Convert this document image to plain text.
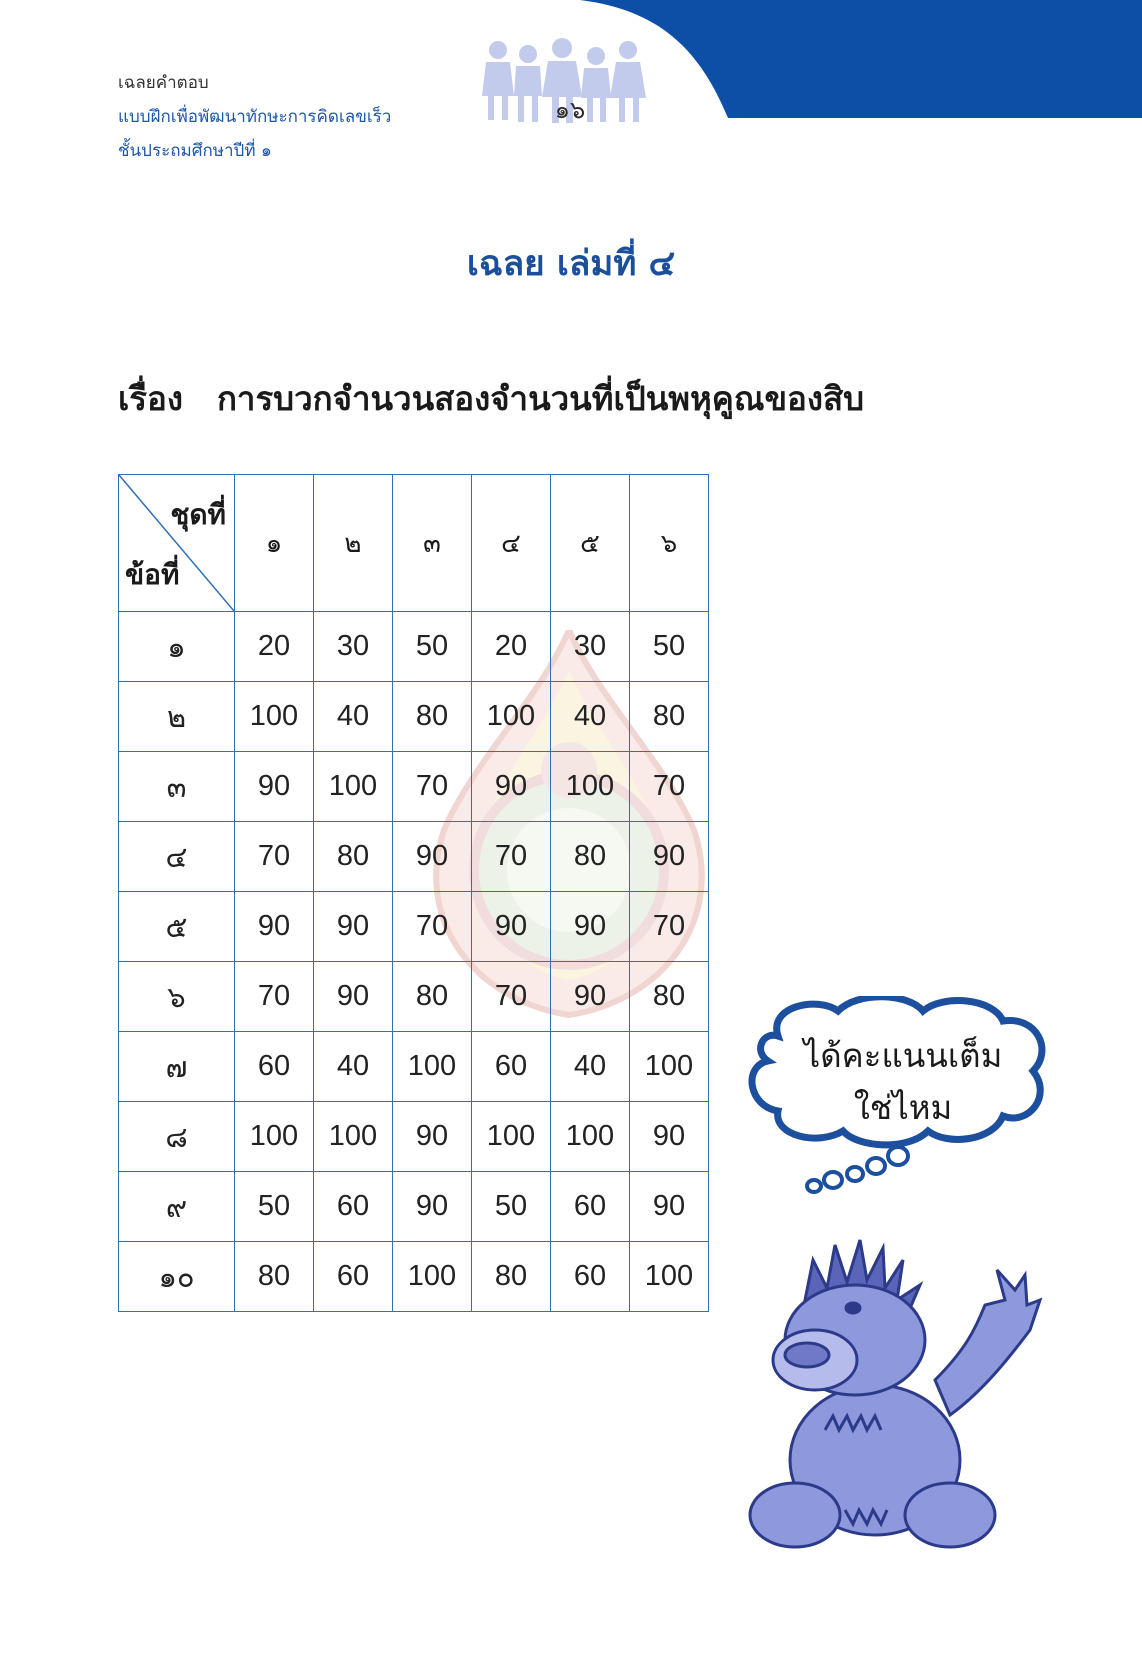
เฉลยคำตอบ
แบบฝึกเพื่อพัฒนาทักษะการคิดเลขเร็ว
ชั้นประถมศึกษาปีที่ ๑
๑๖
เฉลย เล่มที่ ๔
เรื่อง การบวกจำนวนสองจำนวนที่เป็นพหุคูณของสิบ
ชุดที่
ข้อที่	๑	๒	๓	๔	๕	๖
๑	20	30	50	20	30	50
๒	100	40	80	100	40	80
๓	90	100	70	90	100	70
๔	70	80	90	70	80	90
๕	90	90	70	90	90	70
๖	70	90	80	70	90	80
๗	60	40	100	60	40	100
๘	100	100	90	100	100	90
๙	50	60	90	50	60	90
๑๐	80	60	100	80	60	100
ได้คะแนนเต็ม
ใช่ไหม
